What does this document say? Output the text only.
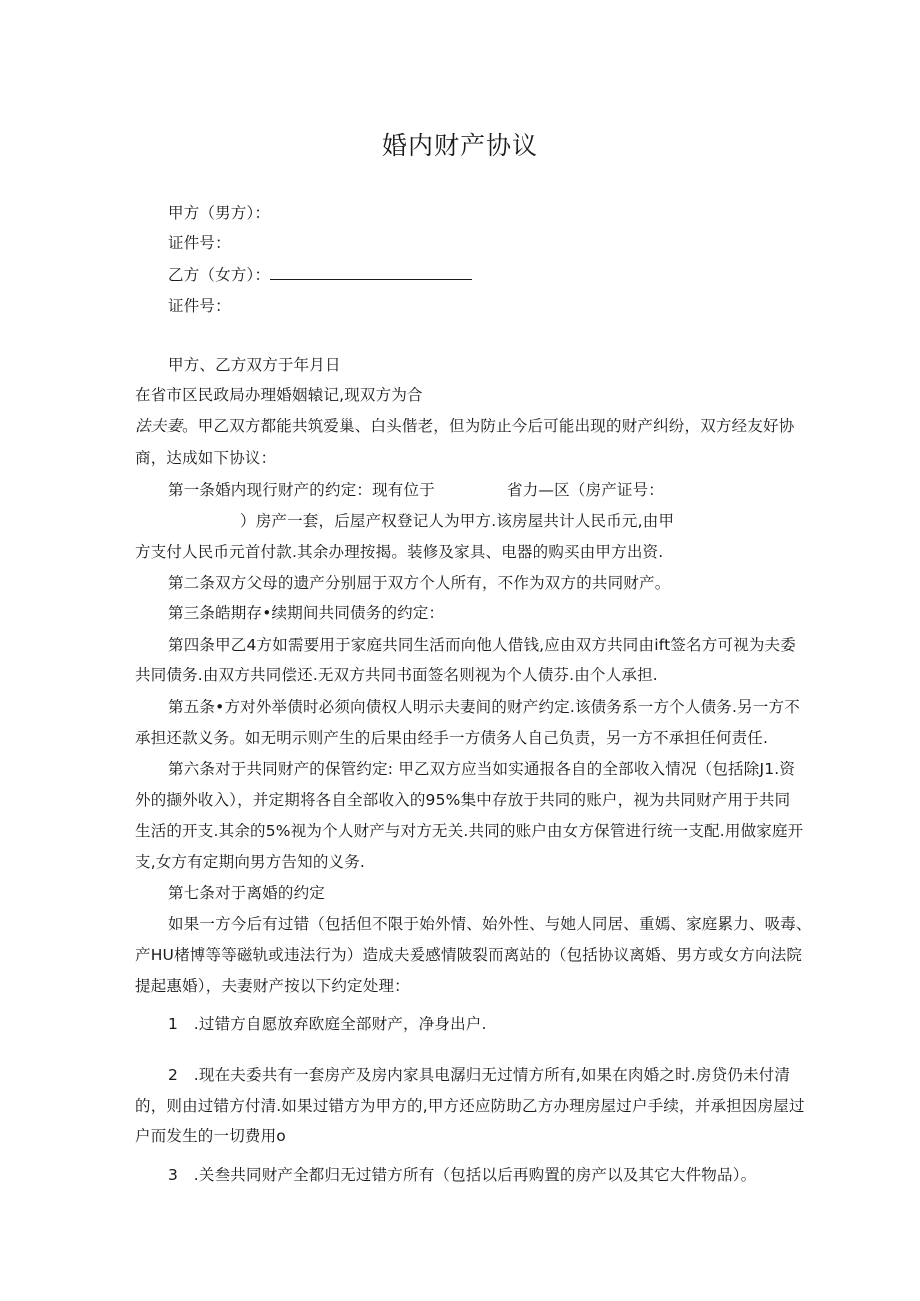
婚内财产协议

甲方（男方）：

证件号：

乙方（女方）：

证件号：

甲方、乙方双方于年月日

在省市区民政局办理婚姻辕记,现双方为合

法夫妻。甲乙双方都能共筑爱巢、白头偕老，但为防止今后可能出现的财产纠纷，双方经友好协

商，达成如下协议：

第一条婚内现行财产的约定：现有位于	省力—区（房产证号：

）房产一套，后屋产权登记人为甲方.该房屋共计人民币元,由甲

方支付人民币元首付款.其余办理按揭。装修及家具、电器的购买由甲方出资.

第二条双方父母的遗产分别屈于双方个人所有，不作为双方的共同财产。

第三条皓期存•续期间共同债务的约定：

第四条甲乙4方如需要用于家庭共同生活而向他人借钱,应由双方共同由ift签名方可视为夫委

共同债务.由双方共同偿还.无双方共同书面签名则视为个人债芬.由个人承担.

第五条•方对外举债时必须向债权人明示夫妻间的财产约定.该债务系一方个人债务.另一方不

承担还款义务。如无明示则产生的后果由经手一方债务人自己负责，另一方不承担任何责任.

第六条对于共同财产的保管约定: 甲乙双方应当如实通报各自的全部收入情况（包括除J1.资

外的撷外收入），并定期将各自全部收入的95%集中存放于共同的账户，视为共同财产用于共同

生活的开支.其余的5%视为个人财产与对方无关.共同的账户由女方保管进行统一支配.用做家庭开

支,女方有定期向男方告知的义务.

第七条对于离婚的约定

如果一方今后有过错（包括但不限于始外情、始外性、与她人同居、重嫣、家庭累力、吸毒、

产HU楮博等等磁轨或违法行为）造成夫爰感情陂裂而离站的（包括协议离婚、男方或女方向法院

提起惠婚），夫妻财产按以下约定处理：

1　.过错方自愿放弃欧庭全部财产，净身出户.

2　.现在夫委共有一套房产及房内家具电潺归无过情方所有,如果在肉婚之时.房贷仍未付清

的，则由过错方付清.如果过错方为甲方的,甲方还应防助乙方办理房屋过户手续，并承担因房屋过

户而发生的一切费用o

3　.关叁共同财产全都归无过错方所有（包括以后再购置的房产以及其它大件物品）。
